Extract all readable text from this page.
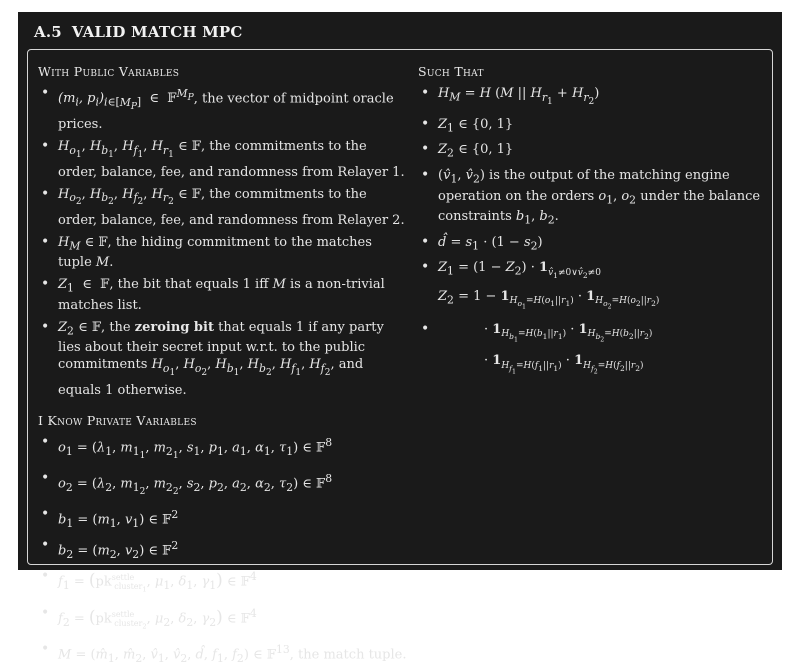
A.5 VALID MATCH MPC
With Public Variables
• ($m_i$, $p_i)_{i\in[M_P]}$  ∈  𝔽$^{M_P}$, the vector of midpoint oracle prices.
• $H_{o_1}$, $H_{b_1}$, $H_{f_1}$, $H_{r_1}$ ∈ 𝔽, the commitments to the order, balance, fee, and randomness from Relayer 1.
• $H_{o_2}$, $H_{b_2}$, $H_{f_2}$, $H_{r_2}$ ∈ 𝔽, the commitments to the order, balance, fee, and randomness from Relayer 2.
• $H_M$ ∈ 𝔽, the hiding commitment to the matches tuple M.
• $Z_1$  ∈  𝔽, the bit that equals 1 iff M is a non-trivial matches list.
• $Z_2$ ∈ 𝔽, the zeroing bit that equals 1 if any party lies about their secret input w.r.t. to the public commitments $H_{o_1}$, $H_{o_2}$, $H_{b_1}$, $H_{b_2}$, $H_{f_1}$, $H_{f_2}$, and equals 1 otherwise.
I Know Private Variables
• $o_1 = (\lambda_1$, $m_{1_1}$, $m_{2_1}$, $s_1$, $p_1$, $a_1$, $\alpha_1$, $\tau_1$) ∈ 𝔽$^8$
• $o_2 = (\lambda_2$, $m_{1_2}$, $m_{2_2}$, $s_2$, $p_2$, $a_2$, $\alpha_2$, $\tau_2$) ∈ 𝔽$^8$
• $b_1 = (m_1$, $v_1$) ∈ 𝔽$^2$
• $b_2 = (m_2$, $v_2$) ∈ 𝔽$^2$
• $f_1 = (pk^{settle}_{cluster_1}$, $\mu_1$, $\delta_1$, $\gamma_1$) ∈ 𝔽$^4$
• $f_2 = (pk^{settle}_{cluster_2}$, $\mu_2$, $\delta_2$, $\gamma_2$) ∈ 𝔽$^4$
• $M = (m̂_1$, $m̂_2$, $v̂_1$, $v̂_2$, d̂, $f_1$, $f_2$) ∈ 𝔽$^{13}$, the match tuple.
Such That
• $H_M = H$ (M || $H_{r_1} + H_{r_2}$)
• $Z_1$ ∈ {0, 1}
• $Z_2$ ∈ {0, 1}
• ($v̂_1$, $v̂_2$) is the output of the matching engine operation on the orders $o_1$, $o_2$ under the balance constraints $b_1$, $b_2$.
• d̂ = $s_1 \cdot (1 - s_2)$
• $Z_1 = (1 - Z_2) \cdot 1_{v̂_1\ne 0\vee v̂_2\ne 0}$
$Z_2 = 1 - 1_{H_{o_1}=H(o_1||r_1)} \cdot 1_{H_{o_2}=H(o_2||r_2)}$
• · $1_{H_{b_1}=H(b_1||r_1)} \cdot 1_{H_{b_2}=H(b_2||r_2)}$
· $1_{H_{f_1}=H(f_1||r_1)} \cdot 1_{H_{f_2}=H(f_2||r_2)}$
